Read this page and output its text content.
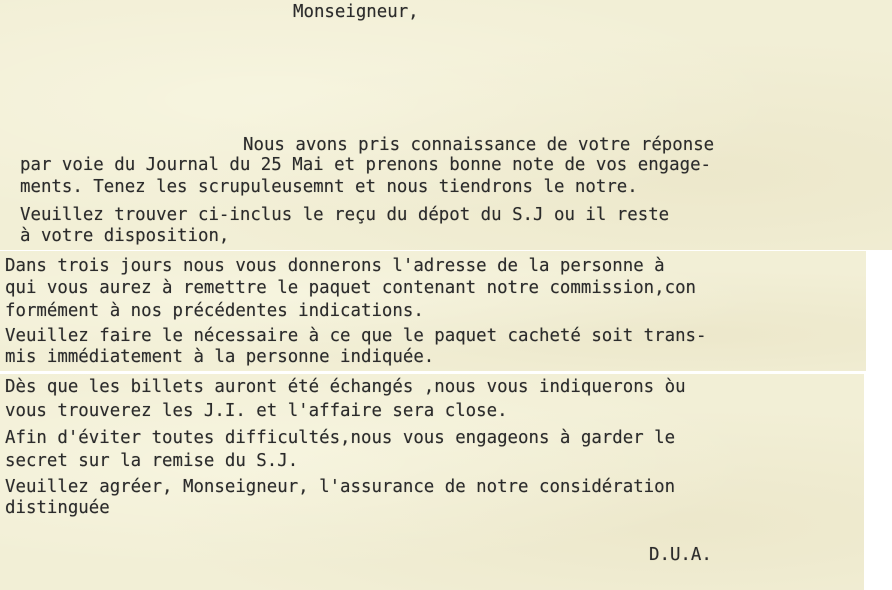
Monseigneur,

Nous avons pris connaissance de votre réponse

par voie du Journal du 25 Mai et prenons bonne note de vos engage-

ments. Tenez les scrupuleusemnt et nous tiendrons le notre.

Veuillez trouver ci-inclus le reçu du dépot du S.J ou il reste

à votre disposition,

Dans trois jours nous vous donnerons l'adresse de la personne à

qui vous aurez à remettre le paquet contenant notre commission,con

formément à nos précédentes indications.

Veuillez faire le nécessaire à ce que le paquet cacheté soit trans-

mis immédiatement à la personne indiquée.

Dès que les billets auront été échangés ,nous vous indiquerons òu

vous trouverez les J.I. et l'affaire sera close.

Afin d'éviter toutes difficultés,nous vous engageons à garder le

secret sur la remise du S.J.

Veuillez agréer, Monseigneur, l'assurance de notre considération

distinguée

D.U.A.
